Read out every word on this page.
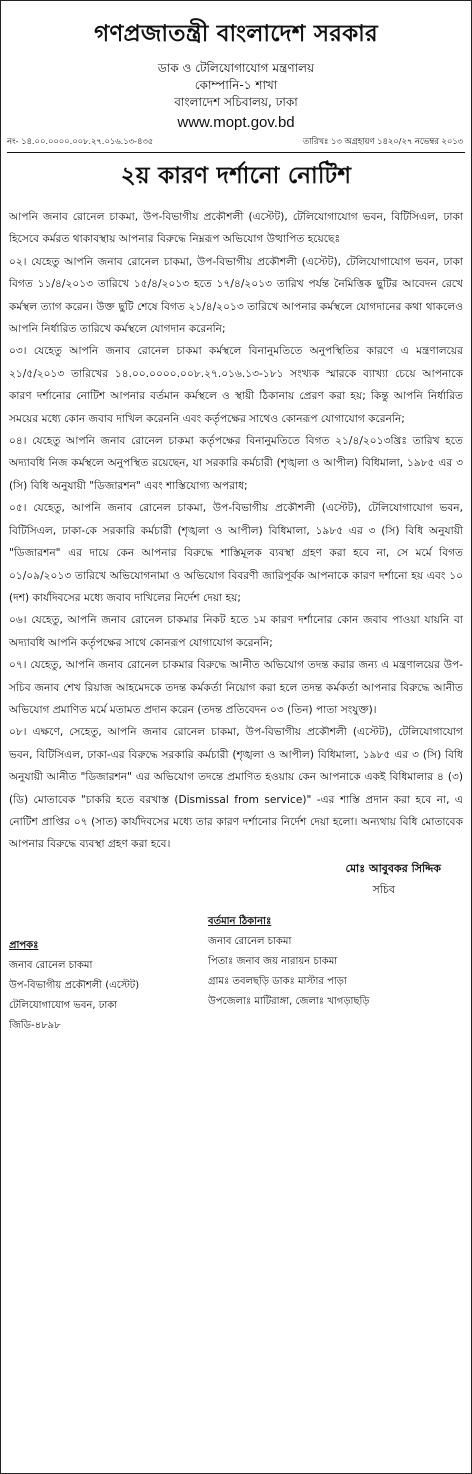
গণপ্রজাতন্ত্রী বাংলাদেশ সরকার
ডাক ও টেলিযোগাযোগ মন্ত্রণালয়
কোম্পানি-১ শাখা
বাংলাদেশ সচিবালয়, ঢাকা
www.mopt.gov.bd
নং- ১৪.০০.০০০০.০০৮.২৭.০১৬.১৩-৪৩৫	তারিখঃ ১৩ অগ্রহায়ণ ১৪২০/২৭ নভেম্বর ২০১৩
২য় কারণ দর্শানো নোটিশ

আপনি জনাব রোনেল চাকমা, উপ-বিভাগীয় প্রকৌশলী (এস্টেট), টেলিযোগাযোগ ভবন, বিটিসিএল, ঢাকা হিসেবে কর্মরত থাকাবস্থায় আপনার বিরুদ্ধে নিম্নরূপ অভিযোগ উত্থাপিত হয়েছেঃ

০২। যেহেতু আপনি জনাব রোনেল চাকমা, উপ-বিভাগীয় প্রকৌশলী (এস্টেট), টেলিযোগাযোগ ভবন, ঢাকা বিগত ১১/৪/২০১৩ তারিখে ১৫/৪/২০১৩ হতে ১৭/৪/২০১৩ তারিখ পর্যন্ত নৈমিত্তিক ছুটির আবেদন রেখে কর্মস্থল ত্যাগ করেন। উক্ত ছুটি শেষে বিগত ২১/৪/২০১৩ তারিখে আপনার কর্মস্থলে যোগদানের কথা থাকলেও আপনি নির্ধারিত তারিখে কর্মস্থলে যোগদান করেননি;

০৩। যেহেতু আপনি জনাব রোনেল চাকমা কর্মস্থলে বিনানুমতিতে অনুপস্থিতির কারণে এ মন্ত্রণালয়ের ২১/৫/২০১৩ তারিখের ১৪.০০.০০০০.০০৮.২৭.০১৬.১৩-১৮১ সংখ্যক স্মারকে ব্যাখ্যা চেয়ে আপনাকে কারণ দর্শানোর নোটিশ আপনার বর্তমান কর্মস্থলে ও স্থায়ী ঠিকানায় প্রেরণ করা হয়; কিন্তু আপনি নির্ধারিত সময়ের মধ্যে কোন জবাব দাখিল করেননি এবং কর্তৃপক্ষের সাথেও কোনরূপ যোগাযোগ করেননি;

০৪। যেহেতু আপনি জনাব রোনেল চাকমা কর্তৃপক্ষের বিনানুমতিতে বিগত ২১/৪/২০১৩খ্রিঃ তারিখ হতে অদ্যাবধি নিজ কর্মস্থলে অনুপস্থিত রয়েছেন, যা সরকারি কর্মচারী (শৃঙ্খলা ও আপীল) বিধিমালা, ১৯৮৫ এর ৩ (সি) বিধি অনুযায়ী "ডিজারশন" এবং শাস্তিযোগ্য অপরাধ;

০৫। যেহেতু, আপনি জনাব রোনেল চাকমা, উপ-বিভাগীয় প্রকৌশলী (এস্টেট), টেলিযোগাযোগ ভবন, বিটিসিএল, ঢাকা-কে সরকারি কর্মচারী (শৃঙ্খলা ও আপীল) বিধিমালা, ১৯৮৫ এর ৩ (সি) বিধি অনুযায়ী "ডিজারশন" এর দায়ে কেন আপনার বিরুদ্ধে শাস্তিমূলক ব্যবস্থা গ্রহণ করা হবে না, সে মর্মে বিগত ০১/০৯/২০১৩ তারিখে অভিযোগনামা ও অভিযোগ বিবরণী জারিপূর্বক আপনাকে কারণ দর্শানো হয় এবং ১০ (দশ) কার্যদিবসের মধ্যে জবাব দাখিলের নির্দেশ দেয়া হয়;

০৬। যেহেতু, আপনি জনাব রোনেল চাকমার নিকট হতে ১ম কারণ দর্শানোর কোন জবাব পাওয়া যায়নি বা অদ্যাবধি আপনি কর্তৃপক্ষের সাথে কোনরূপ যোগাযোগ করেননি;

০৭। যেহেতু, আপনি জনাব রোনেল চাকমার বিরুদ্ধে আনীত অভিযোগ তদন্ত করার জন্য এ মন্ত্রণালয়ের উপ-সচিব জনাব শেখ রিয়াজ আহমেদকে তদন্ত কর্মকর্তা নিয়োগ করা হলে তদন্ত কর্মকর্তা আপনার বিরুদ্ধে আনীত অভিযোগ প্রমাণিত মর্মে মতামত প্রদান করেন (তদন্ত প্রতিবেদন ০৩ (তিন) পাতা সংযুক্ত)।

০৮। এক্ষণে, সেহেতু, আপনি জনাব রোনেল চাকমা, উপ-বিভাগীয় প্রকৌশলী (এস্টেট), টেলিযোগাযোগ ভবন, বিটিসিএল, ঢাকা-এর বিরুদ্ধে সরকারি কর্মচারী (শৃঙ্খলা ও আপীল) বিধিমালা, ১৯৮৫ এর ৩ (সি) বিধি অনুযায়ী আনীত "ডিজারশন" এর অভিযোগ তদন্তে প্রমাণিত হওয়ায় কেন আপনাকে একই বিধিমালার ৪ (৩) (ডি) মোতাবেক "চাকরি হতে বরখাস্ত (Dismissal from service)" -এর শাস্তি প্রদান করা হবে না, এ নোটিশ প্রাপ্তির ০৭ (সাত) কার্যদিবসের মধ্যে তার কারণ দর্শানোর নির্দেশ দেয়া হলো। অন্যথায় বিধি মোতাবেক আপনার বিরুদ্ধে ব্যবস্থা গ্রহণ করা হবে।

মোঃ আবুবকর সিদ্দিক
সচিব
প্রাপকঃ
জনাব রোনেল চাকমা
উপ-বিভাগীয় প্রকৌশলী (এস্টেট)
টেলিযোগাযোগ ভবন, ঢাকা
জিডি-৪৮৯৮
বর্তমান ঠিকানাঃ
জনাব রোনেল চাকমা
পিতাঃ জনাব জয় নারায়ন চাকমা
গ্রামঃ তবলছড়ি ডাকঃ মাস্টার পাড়া
উপজেলাঃ মাটিরাঙ্গা, জেলাঃ খাগড়াছড়ি
